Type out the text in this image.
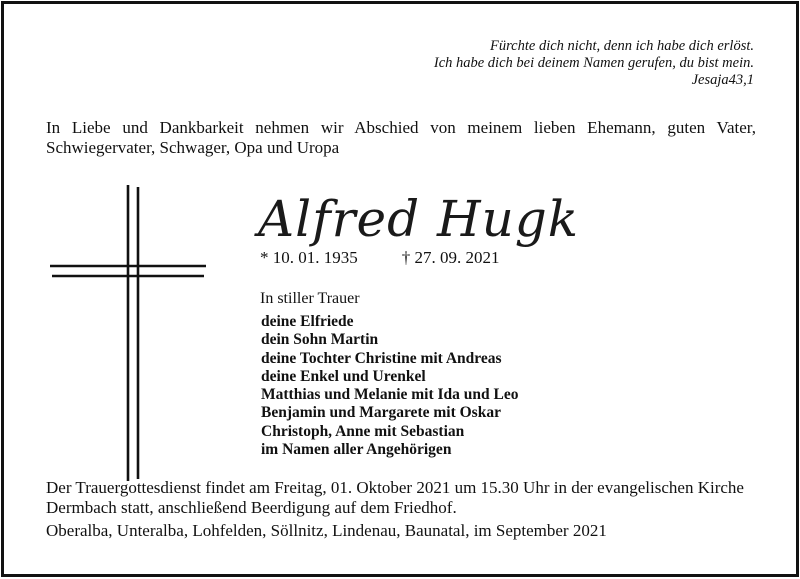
Fürchte dich nicht, denn ich habe dich erlöst.
Ich habe dich bei deinem Namen gerufen, du bist mein.
Jesaja43,1
In Liebe und Dankbarkeit nehmen wir Abschied von meinem lieben Ehemann, guten Vater, Schwiegervater, Schwager, Opa und Uropa
Alfred Hugk
* 10. 01. 1935	† 27. 09. 2021
In stiller Trauer
deine Elfriede
dein Sohn Martin
deine Tochter Christine mit Andreas
deine Enkel und Urenkel
Matthias und Melanie mit Ida und Leo
Benjamin und Margarete mit Oskar
Christoph, Anne mit Sebastian
im Namen aller Angehörigen
Der Trauergottesdienst findet am Freitag, 01. Oktober 2021 um 15.30 Uhr in der evangelischen Kirche Dermbach statt, anschließend Beerdigung auf dem Friedhof.
Oberalba, Unteralba, Lohfelden, Söllnitz, Lindenau, Baunatal, im September 2021
